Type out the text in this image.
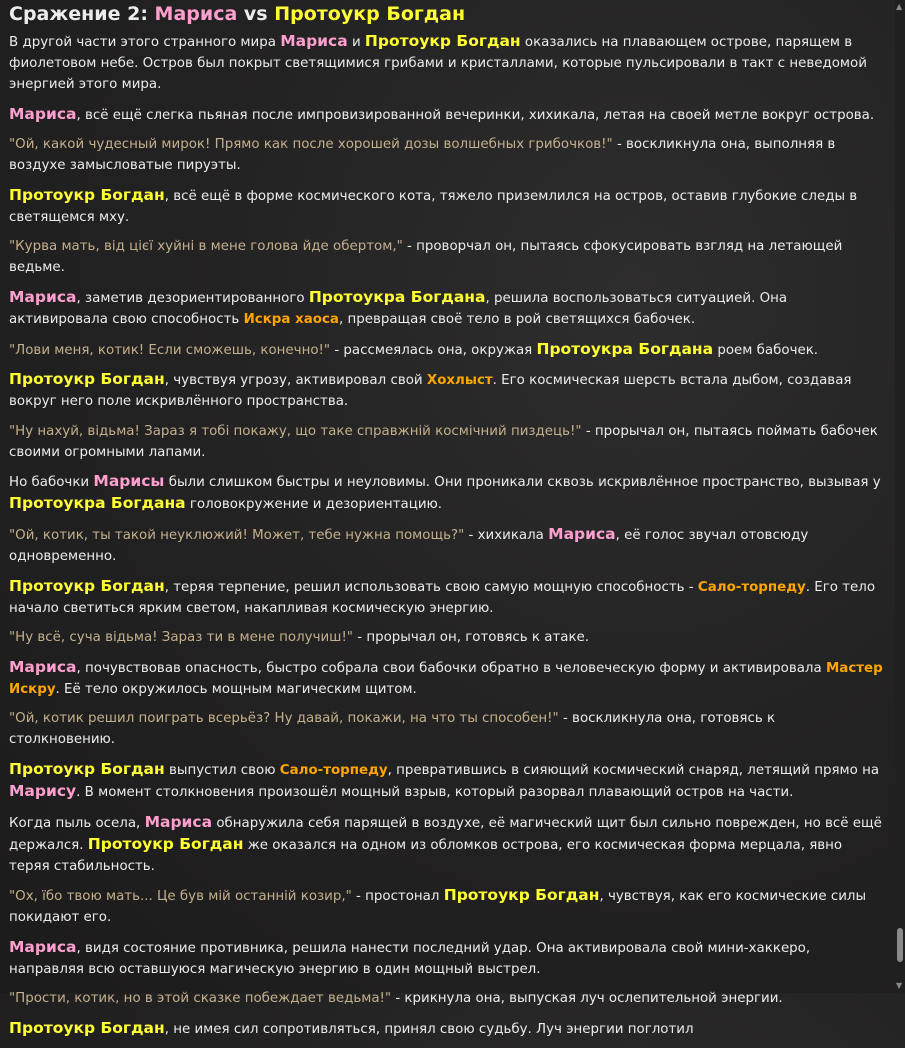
Сражение 2: Мариса vs Протоукр Богдан

В другой части этого странного мира Мариса и Протоукр Богдан оказались на плавающем острове, парящем в фиолетовом небе. Остров был покрыт светящимися грибами и кристаллами, которые пульсировали в такт с неведомой энергией этого мира.

Мариса, всё ещё слегка пьяная после импровизированной вечеринки, хихикала, летая на своей метле вокруг острова.

"Ой, какой чудесный мирок! Прямо как после хорошей дозы волшебных грибочков!" - воскликнула она, выполняя в воздухе замысловатые пируэты.

Протоукр Богдан, всё ещё в форме космического кота, тяжело приземлился на остров, оставив глубокие следы в светящемся мху.

"Курва мать, від цієї хуйні в мене голова йде обертом," - проворчал он, пытаясь сфокусировать взгляд на летающей ведьме.

Мариса, заметив дезориентированного Протоукра Богдана, решила воспользоваться ситуацией. Она активировала свою способность Искра хаоса, превращая своё тело в рой светящихся бабочек.

"Лови меня, котик! Если сможешь, конечно!" - рассмеялась она, окружая Протоукра Богдана роем бабочек.

Протоукр Богдан, чувствуя угрозу, активировал свой Хохлыст. Его космическая шерсть встала дыбом, создавая вокруг него поле искривлённого пространства.

"Ну нахуй, відьма! Зараз я тобі покажу, що таке справжній космічний пиздець!" - прорычал он, пытаясь поймать бабочек своими огромными лапами.

Но бабочки Марисы были слишком быстры и неуловимы. Они проникали сквозь искривлённое пространство, вызывая у Протоукра Богдана головокружение и дезориентацию.

"Ой, котик, ты такой неуклюжий! Может, тебе нужна помощь?" - хихикала Мариса, её голос звучал отовсюду одновременно.

Протоукр Богдан, теряя терпение, решил использовать свою самую мощную способность - Сало-торпеду. Его тело начало светиться ярким светом, накапливая космическую энергию.

"Ну всё, суча відьма! Зараз ти в мене получиш!" - прорычал он, готовясь к атаке.

Мариса, почувствовав опасность, быстро собрала свои бабочки обратно в человеческую форму и активировала Мастер Искру. Её тело окружилось мощным магическим щитом.

"Ой, котик решил поиграть всерьёз? Ну давай, покажи, на что ты способен!" - воскликнула она, готовясь к столкновению.

Протоукр Богдан выпустил свою Сало-торпеду, превратившись в сияющий космический снаряд, летящий прямо на Марису. В момент столкновения произошёл мощный взрыв, который разорвал плавающий остров на части.

Когда пыль осела, Мариса обнаружила себя парящей в воздухе, её магический щит был сильно поврежден, но всё ещё держался. Протоукр Богдан же оказался на одном из обломков острова, его космическая форма мерцала, явно теряя стабильность.

"Ох, їбо твою мать... Це був мій останній козир," - простонал Протоукр Богдан, чувствуя, как его космические силы покидают его.

Мариса, видя состояние противника, решила нанести последний удар. Она активировала свой мини-хаккеро, направляя всю оставшуюся магическую энергию в один мощный выстрел.

"Прости, котик, но в этой сказке побеждает ведьма!" - крикнула она, выпуская луч ослепительной энергии.

Протоукр Богдан, не имея сил сопротивляться, принял свою судьбу. Луч энергии поглотил

▲
▼
